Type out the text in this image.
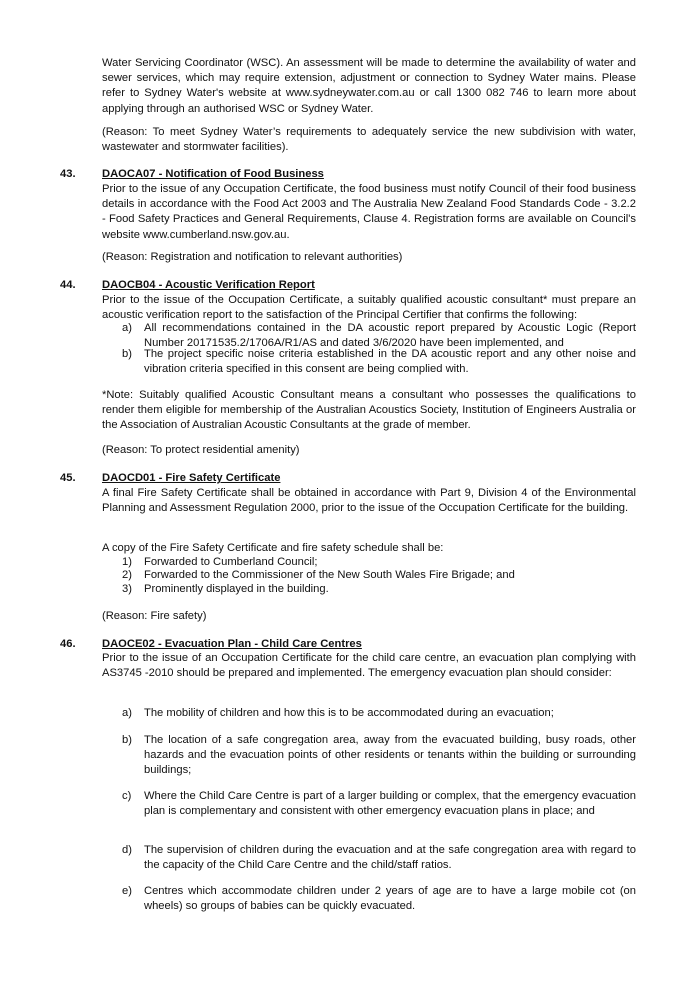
Water Servicing Coordinator (WSC). An assessment will be made to determine the availability of water and sewer services, which may require extension, adjustment or connection to Sydney Water mains. Please refer to Sydney Water's website at www.sydneywater.com.au or call 1300 082 746 to learn more about applying through an authorised WSC or Sydney Water.
(Reason: To meet Sydney Water’s requirements to adequately service the new subdivision with water, wastewater and stormwater facilities).
43. DAOCA07 - Notification of Food Business
Prior to the issue of any Occupation Certificate, the food business must notify Council of their food business details in accordance with the Food Act 2003 and The Australia New Zealand Food Standards Code - 3.2.2 - Food Safety Practices and General Requirements, Clause 4. Registration forms are available on Council's website www.cumberland.nsw.gov.au.
(Reason: Registration and notification to relevant authorities)
44. DAOCB04 - Acoustic Verification Report
Prior to the issue of the Occupation Certificate, a suitably qualified acoustic consultant* must prepare an acoustic verification report to the satisfaction of the Principal Certifier that confirms the following:
a) All recommendations contained in the DA acoustic report prepared by Acoustic Logic (Report Number 20171535.2/1706A/R1/AS and dated 3/6/2020 have been implemented, and
b) The project specific noise criteria established in the DA acoustic report and any other noise and vibration criteria specified in this consent are being complied with.
*Note: Suitably qualified Acoustic Consultant means a consultant who possesses the qualifications to render them eligible for membership of the Australian Acoustics Society, Institution of Engineers Australia or the Association of Australian Acoustic Consultants at the grade of member.
(Reason: To protect residential amenity)
45. DAOCD01 - Fire Safety Certificate
A final Fire Safety Certificate shall be obtained in accordance with Part 9, Division 4 of the Environmental Planning and Assessment Regulation 2000, prior to the issue of the Occupation Certificate for the building.
A copy of the Fire Safety Certificate and fire safety schedule shall be:
1) Forwarded to Cumberland Council;
2) Forwarded to the Commissioner of the New South Wales Fire Brigade; and
3) Prominently displayed in the building.
(Reason: Fire safety)
46. DAOCE02 - Evacuation Plan - Child Care Centres
Prior to the issue of an Occupation Certificate for the child care centre, an evacuation plan complying with AS3745 -2010 should be prepared and implemented. The emergency evacuation plan should consider:
a) The mobility of children and how this is to be accommodated during an evacuation;
b) The location of a safe congregation area, away from the evacuated building, busy roads, other hazards and the evacuation points of other residents or tenants within the building or surrounding buildings;
c) Where the Child Care Centre is part of a larger building or complex, that the emergency evacuation plan is complementary and consistent with other emergency evacuation plans in place; and
d) The supervision of children during the evacuation and at the safe congregation area with regard to the capacity of the Child Care Centre and the child/staff ratios.
e) Centres which accommodate children under 2 years of age are to have a large mobile cot (on wheels) so groups of babies can be quickly evacuated.
